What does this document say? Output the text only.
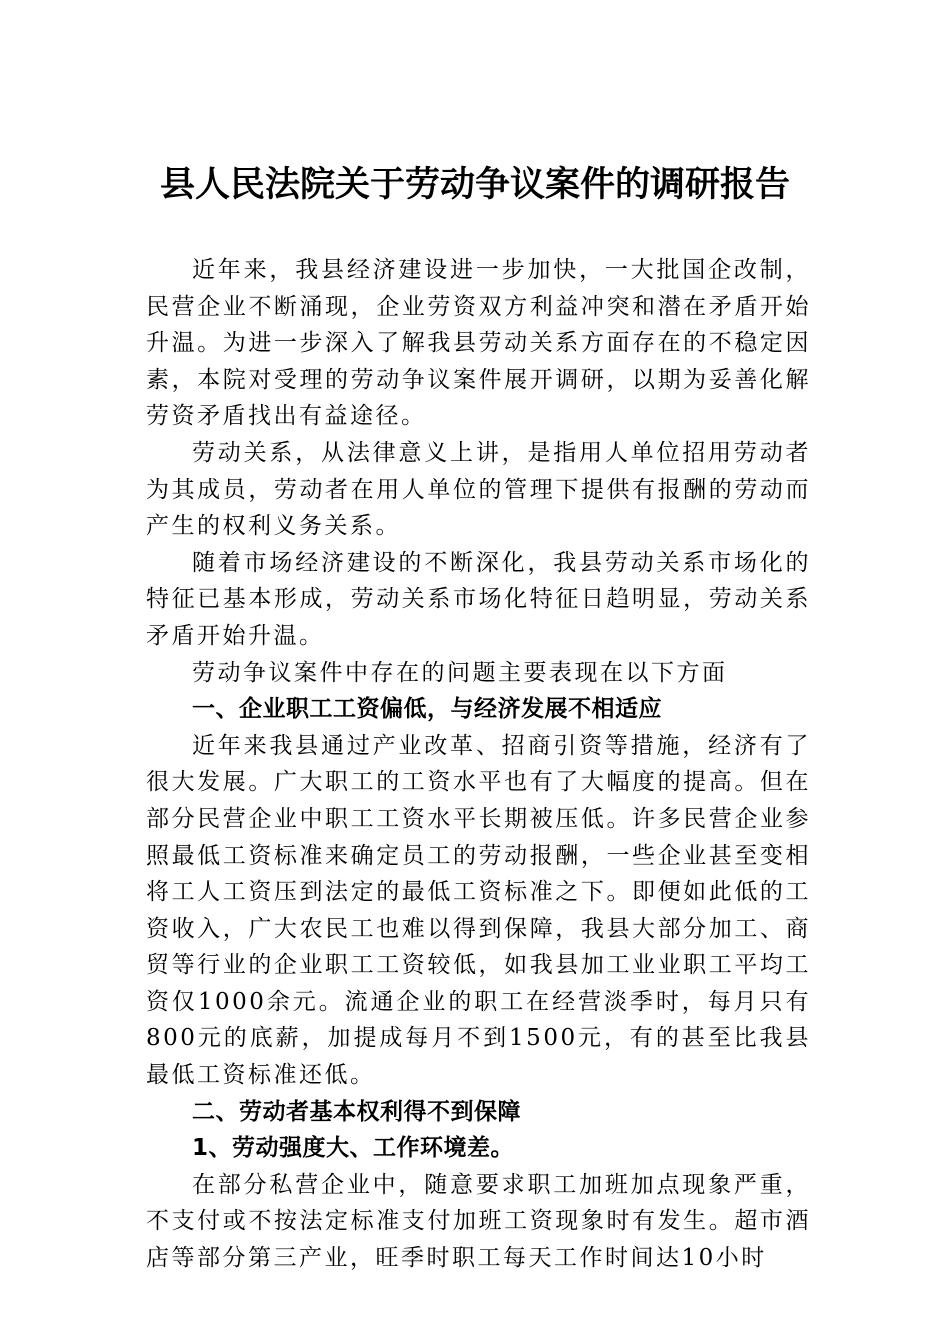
县人民法院关于劳动争议案件的调研报告

近年来，我县经济建设进一步加快，一大批国企改制，民营企业不断涌现，企业劳资双方利益冲突和潜在矛盾开始升温。为进一步深入了解我县劳动关系方面存在的不稳定因素，本院对受理的劳动争议案件展开调研，以期为妥善化解劳资矛盾找出有益途径。

劳动关系，从法律意义上讲，是指用人单位招用劳动者为其成员，劳动者在用人单位的管理下提供有报酬的劳动而产生的权利义务关系。

随着市场经济建设的不断深化，我县劳动关系市场化的特征已基本形成，劳动关系市场化特征日趋明显，劳动关系矛盾开始升温。

劳动争议案件中存在的问题主要表现在以下方面

一、企业职工工资偏低，与经济发展不相适应

近年来我县通过产业改革、招商引资等措施，经济有了很大发展。广大职工的工资水平也有了大幅度的提高。但在部分民营企业中职工工资水平长期被压低。许多民营企业参照最低工资标准来确定员工的劳动报酬，一些企业甚至变相将工人工资压到法定的最低工资标准之下。即便如此低的工资收入，广大农民工也难以得到保障，我县大部分加工、商贸等行业的企业职工工资较低，如我县加工业业职工平均工资仅1000余元。流通企业的职工在经营淡季时，每月只有800元的底薪，加提成每月不到1500元，有的甚至比我县最低工资标准还低。

二、劳动者基本权利得不到保障

1、劳动强度大、工作环境差。

在部分私营企业中，随意要求职工加班加点现象严重，不支付或不按法定标准支付加班工资现象时有发生。超市酒店等部分第三产业，旺季时职工每天工作时间达10小时
